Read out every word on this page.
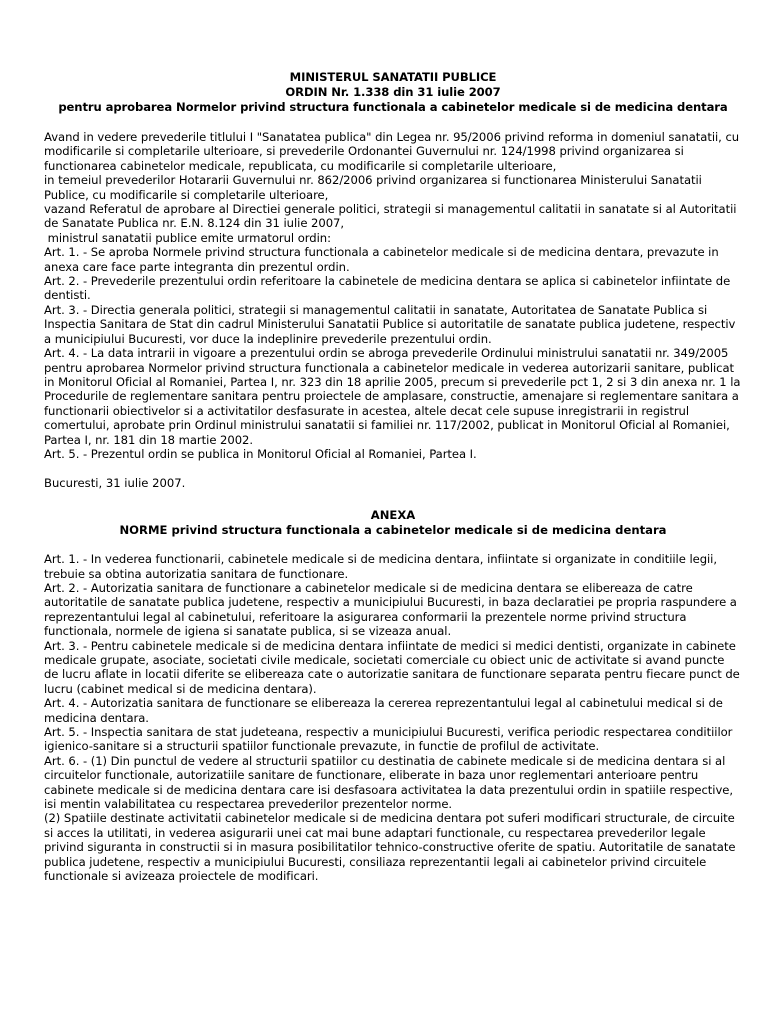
MINISTERUL SANATATII PUBLICE

ORDIN Nr. 1.338 din 31 iulie 2007

pentru aprobarea Normelor privind structura functionala a cabinetelor medicale si de medicina dentara

Avand in vedere prevederile titlului I "Sanatatea publica" din Legea nr. 95/2006 privind reforma in domeniul sanatatii, cu modificarile si completarile ulterioare, si prevederile Ordonantei Guvernului nr. 124/1998 privind organizarea si functionarea cabinetelor medicale, republicata, cu modificarile si completarile ulterioare,

in temeiul prevederilor Hotararii Guvernului nr. 862/2006 privind organizarea si functionarea Ministerului Sanatatii Publice, cu modificarile si completarile ulterioare,

vazand Referatul de aprobare al Directiei generale politici, strategii si managementul calitatii in sanatate si al Autoritatii de Sanatate Publica nr. E.N. 8.124 din 31 iulie 2007,

ministrul sanatatii publice emite urmatorul ordin:

Art. 1. - Se aproba Normele privind structura functionala a cabinetelor medicale si de medicina dentara, prevazute in anexa care face parte integranta din prezentul ordin.

Art. 2. - Prevederile prezentului ordin referitoare la cabinetele de medicina dentara se aplica si cabinetelor infiintate de dentisti.

Art. 3. - Directia generala politici, strategii si managementul calitatii in sanatate, Autoritatea de Sanatate Publica si Inspectia Sanitara de Stat din cadrul Ministerului Sanatatii Publice si autoritatile de sanatate publica judetene, respectiv a municipiului Bucuresti, vor duce la indeplinire prevederile prezentului ordin.

Art. 4. - La data intrarii in vigoare a prezentului ordin se abroga prevederile Ordinului ministrului sanatatii nr. 349/2005 pentru aprobarea Normelor privind structura functionala a cabinetelor medicale in vederea autorizarii sanitare, publicat in Monitorul Oficial al Romaniei, Partea I, nr. 323 din 18 aprilie 2005, precum si prevederile pct 1, 2 si 3 din anexa nr. 1 la Procedurile de reglementare sanitara pentru proiectele de amplasare, constructie, amenajare si reglementare sanitara a functionarii obiectivelor si a activitatilor desfasurate in acestea, altele decat cele supuse inregistrarii in registrul comertului, aprobate prin Ordinul ministrului sanatatii si familiei nr. 117/2002, publicat in Monitorul Oficial al Romaniei, Partea I, nr. 181 din 18 martie 2002.

Art. 5. - Prezentul ordin se publica in Monitorul Oficial al Romaniei, Partea I.

Bucuresti, 31 iulie 2007.

ANEXA

NORME privind structura functionala a cabinetelor medicale si de medicina dentara

Art. 1. - In vederea functionarii, cabinetele medicale si de medicina dentara, infiintate si organizate in conditiile legii, trebuie sa obtina autorizatia sanitara de functionare.

Art. 2. - Autorizatia sanitara de functionare a cabinetelor medicale si de medicina dentara se elibereaza de catre autoritatile de sanatate publica judetene, respectiv a municipiului Bucuresti, in baza declaratiei pe propria raspundere a reprezentantului legal al cabinetului, referitoare la asigurarea conformarii la prezentele norme privind structura functionala, normele de igiena si sanatate publica, si se vizeaza anual.

Art. 3. - Pentru cabinetele medicale si de medicina dentara infiintate de medici si medici dentisti, organizate in cabinete medicale grupate, asociate, societati civile medicale, societati comerciale cu obiect unic de activitate si avand puncte de lucru aflate in locatii diferite se elibereaza cate o autorizatie sanitara de functionare separata pentru fiecare punct de lucru (cabinet medical si de medicina dentara).

Art. 4. - Autorizatia sanitara de functionare se elibereaza la cererea reprezentantului legal al cabinetului medical si de medicina dentara.

Art. 5. - Inspectia sanitara de stat judeteana, respectiv a municipiului Bucuresti, verifica periodic respectarea conditiilor igienico-sanitare si a structurii spatiilor functionale prevazute, in functie de profilul de activitate.

Art. 6. - (1) Din punctul de vedere al structurii spatiilor cu destinatia de cabinete medicale si de medicina dentara si al circuitelor functionale, autorizatiile sanitare de functionare, eliberate in baza unor reglementari anterioare pentru cabinete medicale si de medicina dentara care isi desfasoara activitatea la data prezentului ordin in spatiile respective, isi mentin valabilitatea cu respectarea prevederilor prezentelor norme.

(2) Spatiile destinate activitatii cabinetelor medicale si de medicina dentara pot suferi modificari structurale, de circuite si acces la utilitati, in vederea asigurarii unei cat mai bune adaptari functionale, cu respectarea prevederilor legale privind siguranta in constructii si in masura posibilitatilor tehnico-constructive oferite de spatiu. Autoritatile de sanatate publica judetene, respectiv a municipiului Bucuresti, consiliaza reprezentantii legali ai cabinetelor privind circuitele functionale si avizeaza proiectele de modificari.
